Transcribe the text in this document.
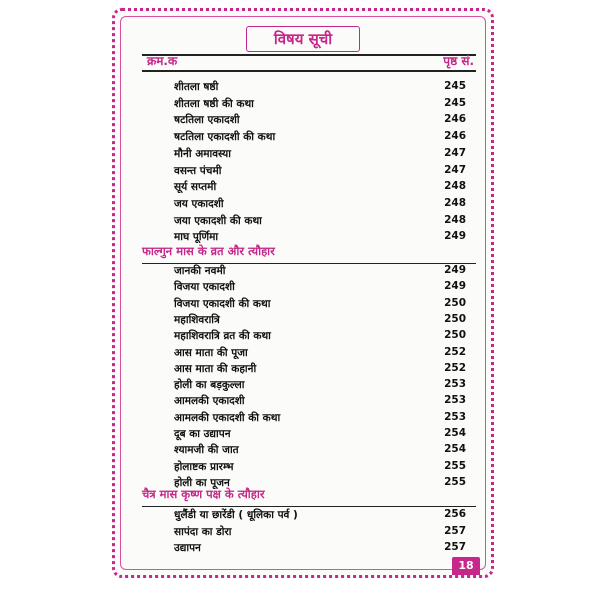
विषय सूची
क्रम.क	पृष्ठ सं.
शीतला षष्ठी	245
शीतला षष्ठी की कथा	245
षटतिला एकादशी	246
षटतिला एकादशी की कथा	246
मौनी अमावस्या	247
वसन्त पंचमी	247
सूर्य सप्तमी	248
जय एकादशी	248
जया एकादशी की कथा	248
माघ पूर्णिमा	249
जानकी नवमी	249
विजया एकादशी	249
विजया एकादशी की कथा	250
महाशिवरात्रि	250
महाशिवरात्रि व्रत की कथा	250
आस माता की पूजा	252
आस माता की कहानी	252
होली का बड़कुल्ला	253
आमलकी एकादशी	253
आमलकी एकादशी की कथा	253
दूब का उद्यापन	254
श्यामजी की जात	254
होलाष्टक प्रारम्भ	255
होली का पूजन	255
धुलैंडी या छारेंडी ( धूलिका पर्व )	256
सापंदा का डोरा	257
उद्यापन	257
फाल्गुन मास के व्रत और त्यौहार
चैत्र मास कृष्ण पक्ष के त्यौहार
18
